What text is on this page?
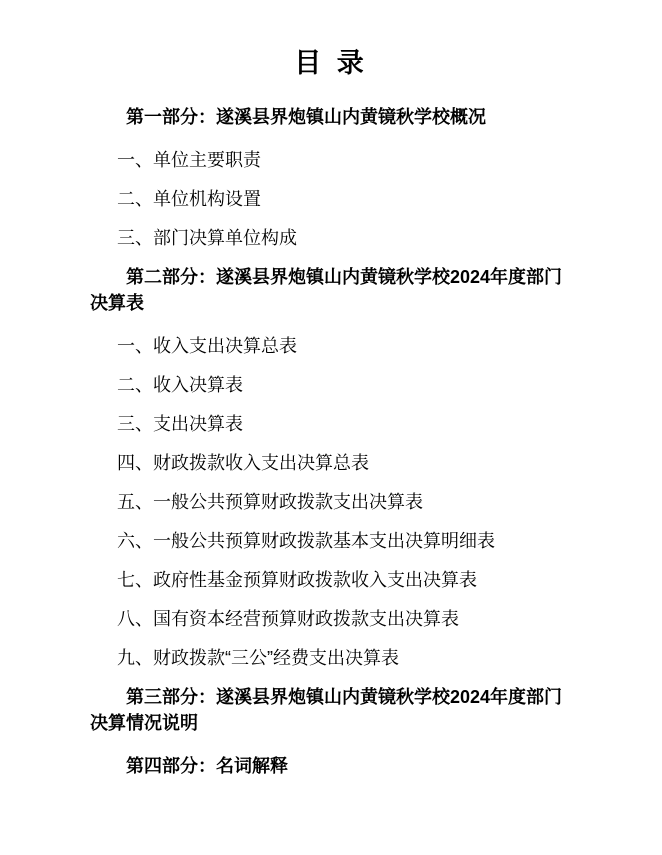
目 录

第一部分：遂溪县界炮镇山内黄镜秋学校概况

一、单位主要职责

二、单位机构设置

三、部门决算单位构成

第二部分：遂溪县界炮镇山内黄镜秋学校2024年度部门决算表

一、收入支出决算总表

二、收入决算表

三、支出决算表

四、财政拨款收入支出决算总表

五、一般公共预算财政拨款支出决算表

六、一般公共预算财政拨款基本支出决算明细表

七、政府性基金预算财政拨款收入支出决算表

八、国有资本经营预算财政拨款支出决算表

九、财政拨款“三公”经费支出决算表

第三部分：遂溪县界炮镇山内黄镜秋学校2024年度部门决算情况说明

第四部分：名词解释
